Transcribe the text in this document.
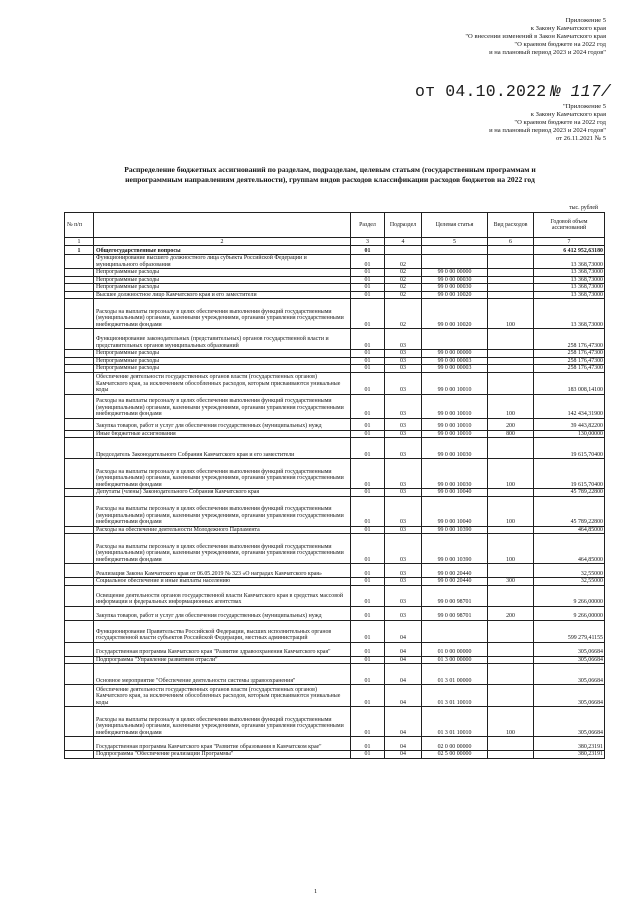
Приложение 5
к Закону Камчатского края
"О внесении изменений в Закон Камчатского края
"О краевом бюджете на 2022 год
и на плановый период 2023 и 2024 годов"
от 04.10.2022 № 117/
"Приложение 5
к Закону Камчатского края
"О краевом бюджете на 2022 год
и на плановый период 2023 и 2024 годов"
от 26.11.2021 № 5
Распределение бюджетных ассигнований по разделам, подразделам, целевым статьям (государственным программам и непрограммным направлениям деятельности), группам видов расходов классификации расходов бюджетов на 2022 год
тыс. рублей
№ п/п		Раздел	Подраздел	Целевая статья	Вид расходов	Годовой объем ассигнований
1	2	3	4	5	6	7
1	Общегосударственные вопросы	01				6 412 952,63180
	Функционирование высшего должностного лица субъекта Российской Федерации и муниципального образования	01	02			13 368,73000
	Непрограммные расходы	01	02	99 0 00 00000		13 368,73000
	Непрограммные расходы	01	02	99 0 00 00030		13 368,73000
	Непрограммные расходы	01	02	99 0 00 00030		13 368,73000
	Высшее должностное лицо Камчатского края и его заместители	01	02	99 0 00 10020		13 368,73000
	Расходы на выплаты персоналу в целях обеспечения выполнения функций государственными (муниципальными) органами, казенными учреждениями, органами управления государственными внебюджетными фондами	01	02	99 0 00 10020	100	13 368,73000
	Функционирование законодательных (представительных) органов государственной власти и представительных органов муниципальных образований	01	03			258 176,47300
	Непрограммные расходы	01	03	99 0 00 00000		258 176,47300
	Непрограммные расходы	01	03	99 0 00 00003		258 176,47300
	Непрограммные расходы	01	03	99 0 00 00003		258 176,47300
	Обеспечение деятельности государственных органов власти (государственных органов) Камчатского края, за исключением обособленных расходов, которым присваиваются уникальные коды	01	03	99 0 00 10010		183 008,14100
	Расходы на выплаты персоналу в целях обеспечения выполнения функций государственными (муниципальными) органами, казенными учреждениями, органами управления государственными внебюджетными фондами	01	03	99 0 00 10010	100	142 434,31900
	Закупка товаров, работ и услуг для обеспечения государственных (муниципальных) нужд	01	03	99 0 00 10010	200	39 443,82200
	Иные бюджетные ассигнования	01	03	99 0 00 10010	800	130,00000
	Председатель Законодательного Собрания Камчатского края и его заместители	01	03	99 0 00 10030		19 615,70400
	Расходы на выплаты персоналу в целях обеспечения выполнения функций государственными (муниципальными) органами, казенными учреждениями, органами управления государственными внебюджетными фондами	01	03	99 0 00 10030	100	19 615,70400
	Депутаты (члены) Законодательного Собрания Камчатского края	01	03	99 0 00 10040		45 789,22800
	Расходы на выплаты персоналу в целях обеспечения выполнения функций государственными (муниципальными) органами, казенными учреждениями, органами управления государственными внебюджетными фондами	01	03	99 0 00 10040	100	45 789,22800
	Расходы на обеспечение деятельности Молодежного Парламента	01	03	99 0 00 10390		464,85000
	Расходы на выплаты персоналу в целях обеспечения выполнения функций государственными (муниципальными) органами, казенными учреждениями, органами управления государственными внебюджетными фондами	01	03	99 0 00 10390	100	464,85000
	Реализация Закона Камчатского края от 06.05.2019 № 323 «О наградах Камчатского края»	01	03	99 0 00 20440		32,55000
	Социальное обеспечение и иные выплаты населению	01	03	99 0 00 20440	300	32,55000
	Освещение деятельности органов государственной власти Камчатского края в средствах массовой информации и федеральных информационных агентствах	01	03	99 0 00 98701		9 266,00000
	Закупка товаров, работ и услуг для обеспечения государственных (муниципальных) нужд	01	03	99 0 00 98701	200	9 266,00000
	Функционирование Правительства Российской Федерации, высших исполнительных органов государственной власти субъектов Российской Федерации, местных администраций	01	04			599 279,41155
	Государственная программа Камчатского края "Развитие здравоохранения Камчатского края"	01	04	01 0 00 00000		305,06684
	Подпрограмма "Управление развитием отрасли"	01	04	01 3 00 00000		305,06684
	Основное мероприятие "Обеспечение деятельности системы здравоохранения"	01	04	01 3 01 00000		305,06684
	Обеспечение деятельности государственных органов власти (государственных органов) Камчатского края, за исключением обособленных расходов, которым присваиваются уникальные коды	01	04	01 3 01 10010		305,06684
	Расходы на выплаты персоналу в целях обеспечения выполнения функций государственными (муниципальными) органами, казенными учреждениями, органами управления государственными внебюджетными фондами	01	04	01 3 01 10010	100	305,06684
	Государственная программа Камчатского края "Развитие образования в Камчатском крае"	01	04	02 0 00 00000		380,23191
	Подпрограмма "Обеспечение реализации Программы"	01	04	02 5 00 00000		380,23191
1
